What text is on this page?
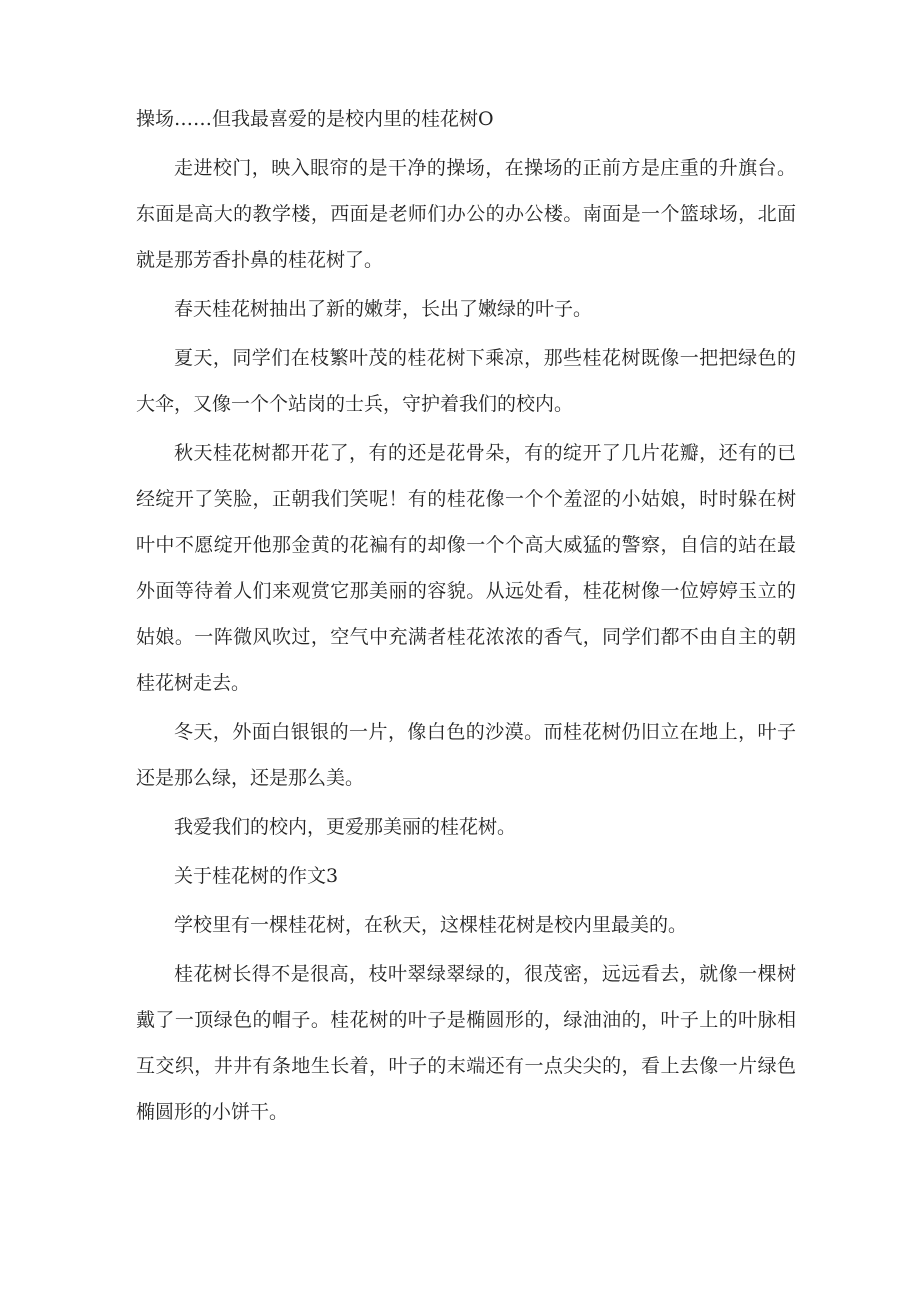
操场……但我最喜爱的是校内里的桂花树O

走进校门，映入眼帘的是干净的操场，在操场的正前方是庄重的升旗台。东面是高大的教学楼，西面是老师们办公的办公楼。南面是一个篮球场，北面就是那芳香扑鼻的桂花树了。

春天桂花树抽出了新的嫩芽，长出了嫩绿的叶子。

夏天，同学们在枝繁叶茂的桂花树下乘凉，那些桂花树既像一把把绿色的大伞，又像一个个站岗的士兵，守护着我们的校内。

秋天桂花树都开花了，有的还是花骨朵，有的绽开了几片花瓣，还有的已经绽开了笑脸，正朝我们笑呢！有的桂花像一个个羞涩的小姑娘，时时躲在树叶中不愿绽开他那金黄的花褊有的却像一个个高大威猛的警察，自信的站在最外面等待着人们来观赏它那美丽的容貌。从远处看，桂花树像一位婷婷玉立的姑娘。一阵微风吹过，空气中充满者桂花浓浓的香气，同学们都不由自主的朝桂花树走去。

冬天，外面白银银的一片，像白色的沙漠。而桂花树仍旧立在地上，叶子还是那么绿，还是那么美。

我爱我们的校内，更爱那美丽的桂花树。

关于桂花树的作文3

学校里有一棵桂花树，在秋天，这棵桂花树是校内里最美的。

桂花树长得不是很高，枝叶翠绿翠绿的，很茂密，远远看去，就像一棵树戴了一顶绿色的帽子。桂花树的叶子是椭圆形的，绿油油的，叶子上的叶脉相互交织，井井有条地生长着，叶子的末端还有一点尖尖的，看上去像一片绿色椭圆形的小饼干。
